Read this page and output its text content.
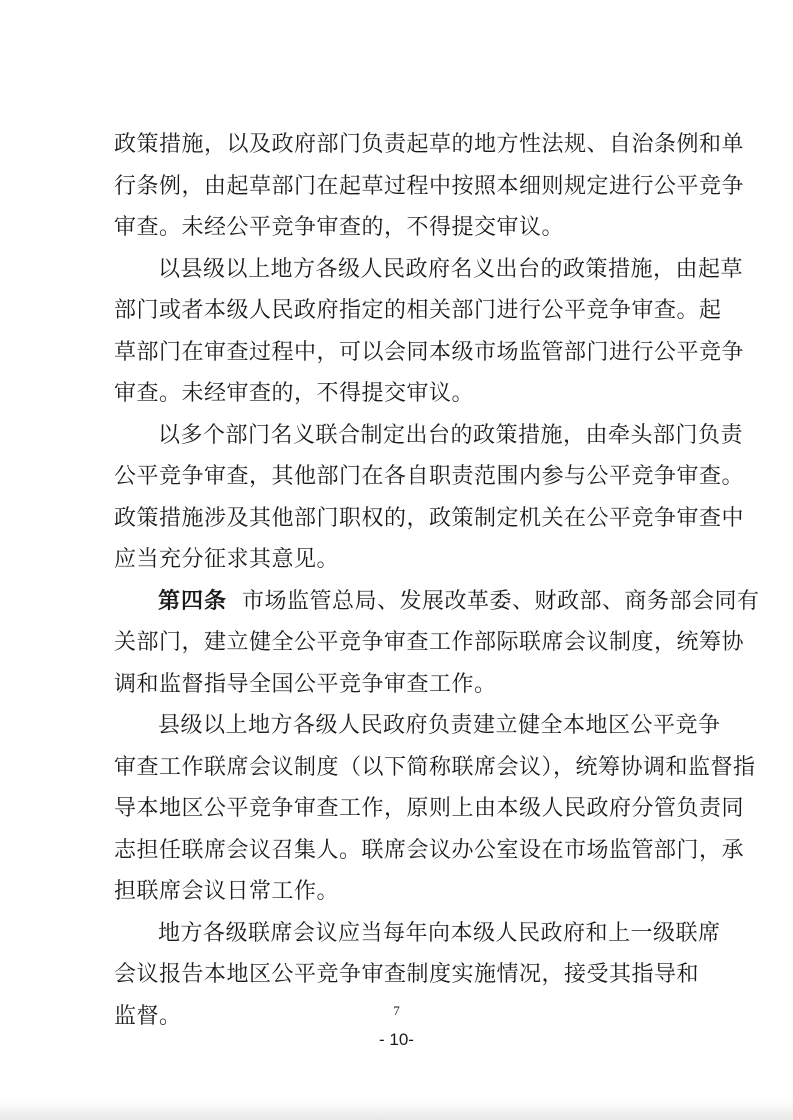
政策措施，以及政府部门负责起草的地方性法规、自治条例和单
行条例，由起草部门在起草过程中按照本细则规定进行公平竞争
审查。未经公平竞争审查的，不得提交审议。
以县级以上地方各级人民政府名义出台的政策措施，由起草
部门或者本级人民政府指定的相关部门进行公平竞争审查。起
草部门在审查过程中，可以会同本级市场监管部门进行公平竞争
审查。未经审查的，不得提交审议。
以多个部门名义联合制定出台的政策措施，由牵头部门负责
公平竞争审查，其他部门在各自职责范围内参与公平竞争审查。
政策措施涉及其他部门职权的，政策制定机关在公平竞争审查中
应当充分征求其意见。
第四条 市场监管总局、发展改革委、财政部、商务部会同有
关部门，建立健全公平竞争审查工作部际联席会议制度，统筹协
调和监督指导全国公平竞争审查工作。
县级以上地方各级人民政府负责建立健全本地区公平竞争
审查工作联席会议制度（以下简称联席会议），统筹协调和监督指
导本地区公平竞争审查工作，原则上由本级人民政府分管负责同
志担任联席会议召集人。联席会议办公室设在市场监管部门，承
担联席会议日常工作。
地方各级联席会议应当每年向本级人民政府和上一级联席
会议报告本地区公平竞争审查制度实施情况，接受其指导和
监督。	7
- 10-
